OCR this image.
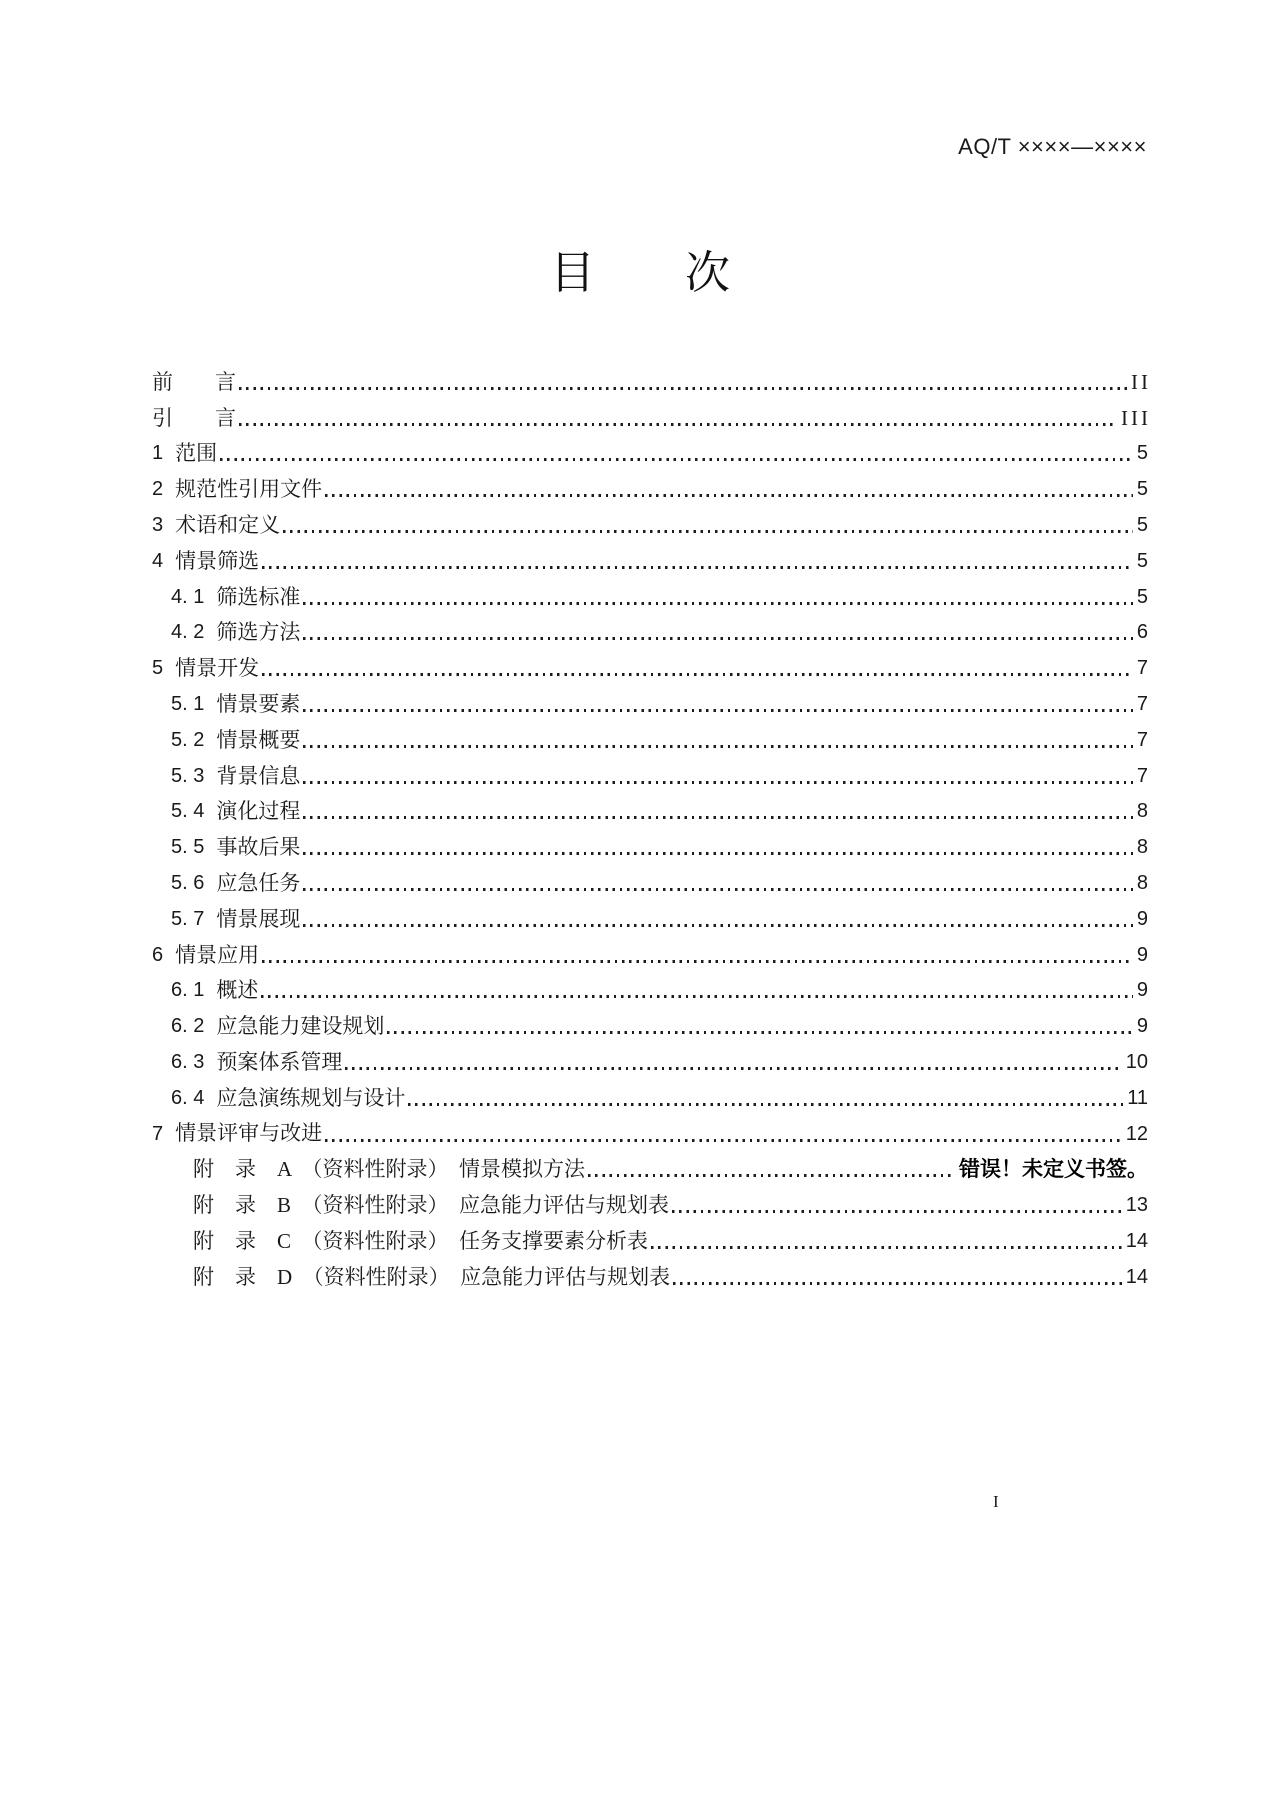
AQ/T ××××—××××
目　　次
前　　言	II
引　　言	III
1 范围	5
2 规范性引用文件	5
3 术语和定义	5
4 情景筛选	5
4. 1 筛选标准	5
4. 2 筛选方法	6
5 情景开发	7
5. 1 情景要素	7
5. 2 情景概要	7
5. 3 背景信息	7
5. 4 演化过程	8
5. 5 事故后果	8
5. 6 应急任务	8
5. 7 情景展现	9
6 情景应用	9
6. 1 概述	9
6. 2 应急能力建设规划	9
6. 3 预案体系管理	10
6. 4 应急演练规划与设计	11
7 情景评审与改进	12
附　录　A　（资料性附录）　情景模拟方法	错误！未定义书签。
附　录　B　（资料性附录）　应急能力评估与规划表	13
附　录　C　（资料性附录）　任务支撑要素分析表	14
附　录　D　（资料性附录）　应急能力评估与规划表	14
I
